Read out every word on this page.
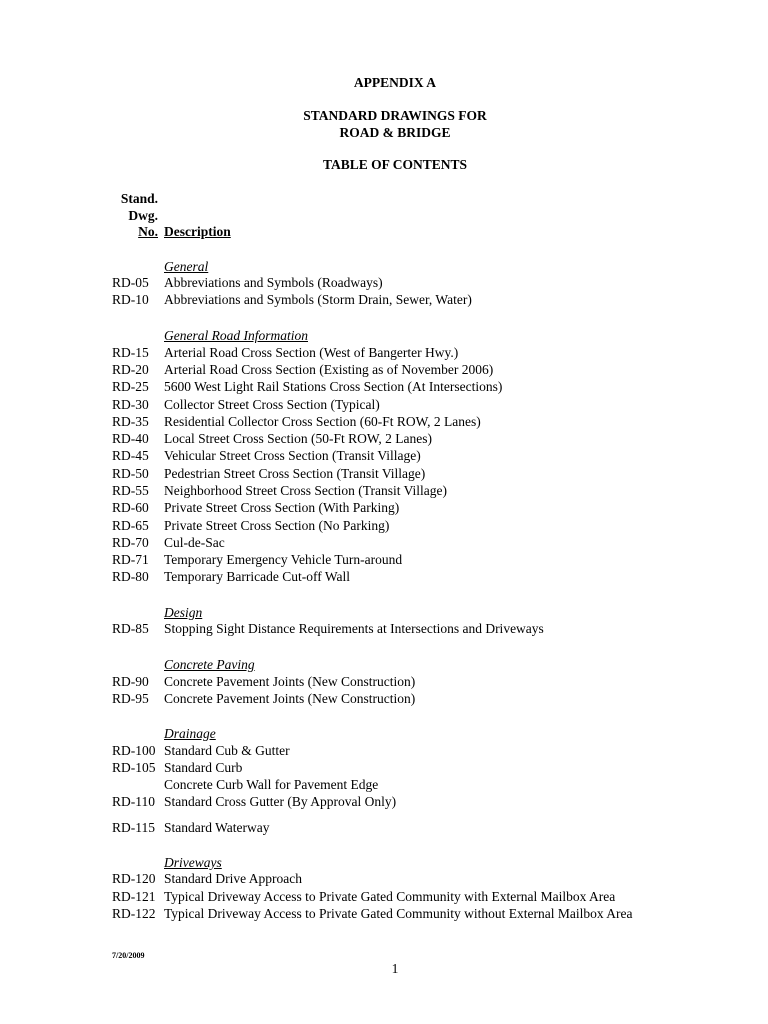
APPENDIX A
STANDARD DRAWINGS FOR
ROAD & BRIDGE
TABLE OF CONTENTS
Stand.
Dwg.
No. Description
General
RD-05 Abbreviations and Symbols (Roadways)
RD-10 Abbreviations and Symbols (Storm Drain, Sewer, Water)
General Road Information
RD-15 Arterial Road Cross Section (West of Bangerter Hwy.)
RD-20 Arterial Road Cross Section (Existing as of November 2006)
RD-25 5600 West Light Rail Stations Cross Section (At Intersections)
RD-30 Collector Street Cross Section (Typical)
RD-35 Residential Collector Cross Section (60-Ft ROW, 2 Lanes)
RD-40 Local Street Cross Section (50-Ft ROW, 2 Lanes)
RD-45 Vehicular Street Cross Section (Transit Village)
RD-50 Pedestrian Street Cross Section (Transit Village)
RD-55 Neighborhood Street Cross Section (Transit Village)
RD-60 Private Street Cross Section (With Parking)
RD-65 Private Street Cross Section (No Parking)
RD-70 Cul-de-Sac
RD-71 Temporary Emergency Vehicle Turn-around
RD-80 Temporary Barricade Cut-off Wall
Design
RD-85 Stopping Sight Distance Requirements at Intersections and Driveways
Concrete Paving
RD-90 Concrete Pavement Joints (New Construction)
RD-95 Concrete Pavement Joints (New Construction)
Drainage
RD-100 Standard Cub & Gutter
RD-105 Standard Curb
Concrete Curb Wall for Pavement Edge
RD-110 Standard Cross Gutter (By Approval Only)
RD-115 Standard Waterway
Driveways
RD-120 Standard Drive Approach
RD-121 Typical Driveway Access to Private Gated Community with External Mailbox Area
RD-122 Typical Driveway Access to Private Gated Community without External Mailbox Area
7/20/2009
1
